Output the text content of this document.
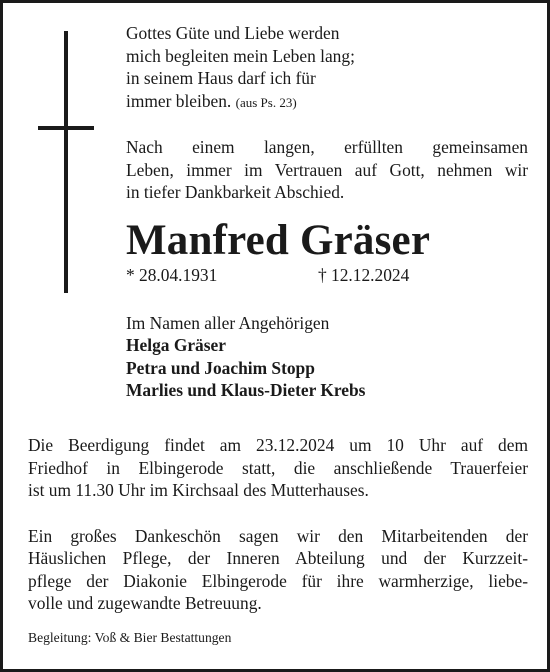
Gottes Güte und Liebe werden
mich begleiten mein Leben lang;
in seinem Haus darf ich für
immer bleiben. (aus Ps. 23)
Nach einem langen, erfüllten gemeinsamen
Leben, immer im Vertrauen auf Gott, nehmen wir
in tiefer Dankbarkeit Abschied.
Manfred Gräser
* 28.04.1931	† 12.12.2024
Im Namen aller Angehörigen
Helga Gräser
Petra und Joachim Stopp
Marlies und Klaus-Dieter Krebs
Die Beerdigung findet am 23.12.2024 um 10 Uhr auf dem
Friedhof in Elbingerode statt, die anschließende Trauerfeier
ist um 11.30 Uhr im Kirchsaal des Mutterhauses.
Ein großes Dankeschön sagen wir den Mitarbeitenden der
Häuslichen Pflege, der Inneren Abteilung und der Kurzzeit-
pflege der Diakonie Elbingerode für ihre warmherzige, liebe-
volle und zugewandte Betreuung.
Begleitung: Voß & Bier Bestattungen
